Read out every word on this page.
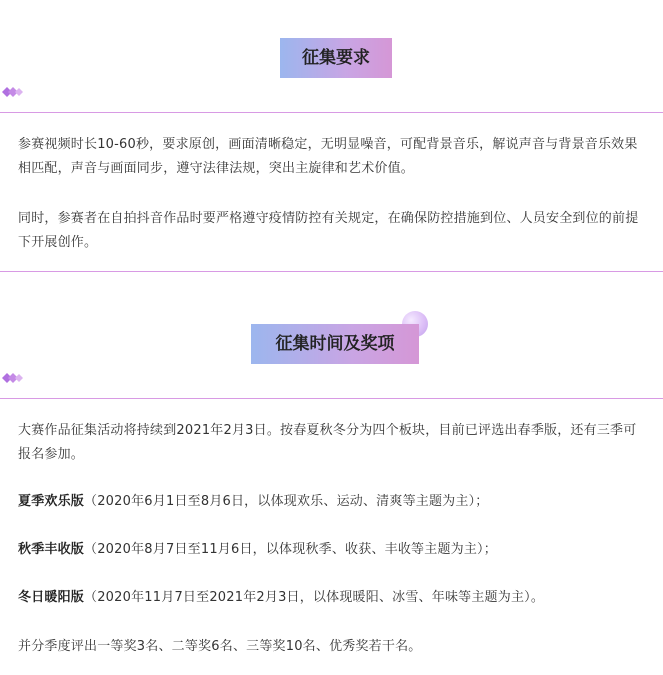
征集要求

参赛视频时长10-60秒，要求原创，画面清晰稳定，无明显噪音，可配背景音乐，解说声音与背景音乐效果相匹配，声音与画面同步，遵守法律法规，突出主旋律和艺术价值。

同时，参赛者在自拍抖音作品时要严格遵守疫情防控有关规定，在确保防控措施到位、人员安全到位的前提下开展创作。

征集时间及奖项

大赛作品征集活动将持续到2021年2月3日。按春夏秋冬分为四个板块，目前已评选出春季版，还有三季可报名参加。

夏季欢乐版（2020年6月1日至8月6日，以体现欢乐、运动、清爽等主题为主）；

秋季丰收版（2020年8月7日至11月6日，以体现秋季、收获、丰收等主题为主）；

冬日暖阳版（2020年11月7日至2021年2月3日，以体现暖阳、冰雪、年味等主题为主）。

并分季度评出一等奖3名、二等奖6名、三等奖10名、优秀奖若干名。
